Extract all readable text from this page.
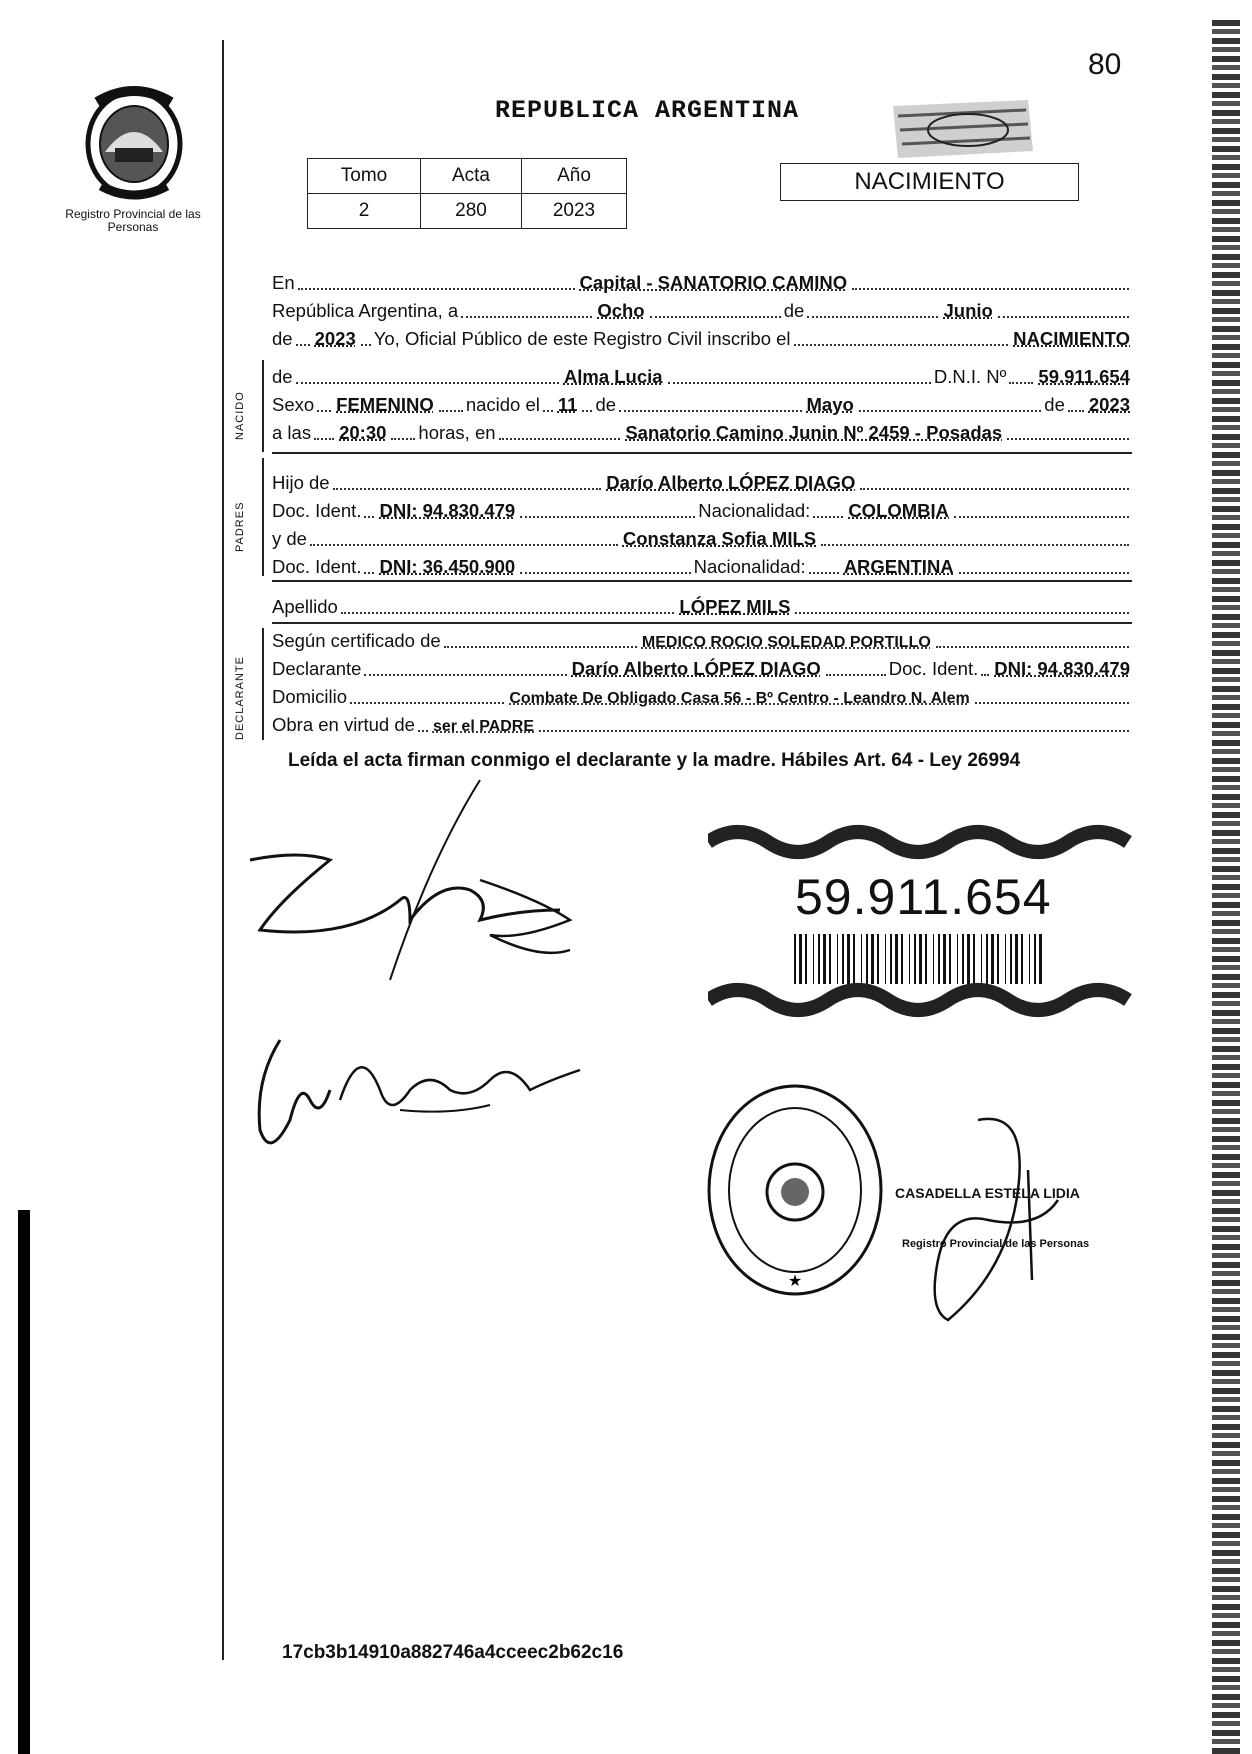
80
REPUBLICA ARGENTINA
Registro Provincial de las Personas
Tomo	Acta	Año
2	280	2023
NACIMIENTO
En	Capital - SANATORIO CAMINO
República Argentina, a	Ocho	de	Junio
de 2023 Yo, Oficial Público de este Registro Civil inscribo el	NACIMIENTO
NACIDO
de	Alma Lucia	D.N.I. Nº 59.911.654
Sexo FEMENINO nacido el 11 de	Mayo	de 2023
a las 20:30 horas, en	Sanatorio Camino Junin Nº 2459 - Posadas
PADRES
Hijo de	Darío Alberto LÓPEZ DIAGO
Doc. Ident. DNI: 94.830.479	Nacionalidad: COLOMBIA
y de	Constanza Sofia MILS
Doc. Ident. DNI: 36.450.900	Nacionalidad: ARGENTINA
Apellido	LÓPEZ MILS
DECLARANTE
Según certificado de	MEDICO ROCIO SOLEDAD PORTILLO
Declarante	Darío Alberto LÓPEZ DIAGO	Doc. Ident. DNI: 94.830.479
Domicilio	Combate De Obligado Casa 56 - Bº Centro - Leandro N. Alem
Obra en virtud de ser el PADRE
Leída el acta firman conmigo el declarante y la madre. Hábiles Art. 64 - Ley 26994
59.911.654
★
CASADELLA ESTELA LIDIA
Registro Provincial de las Personas
17cb3b14910a882746a4cceec2b62c16
